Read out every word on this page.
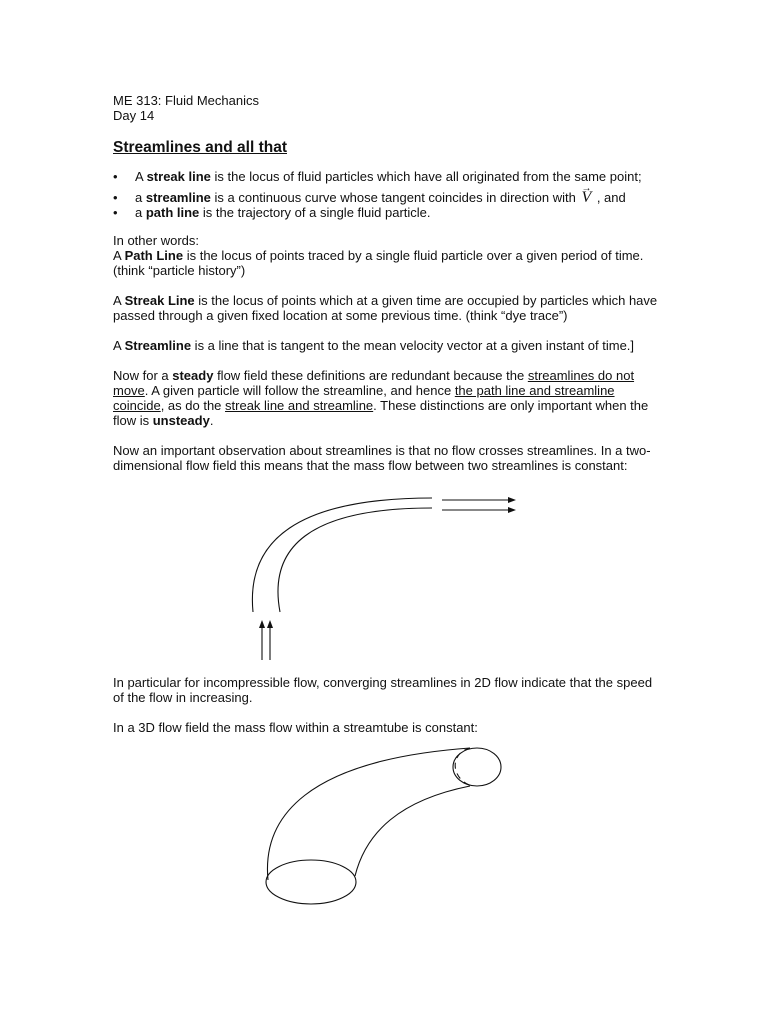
ME 313: Fluid Mechanics

Day 14

Streamlines and all that
• A streak line is the locus of fluid particles which have all originated from the same point;
• a streamline is a continuous curve whose tangent coincides in direction with → V , and
• a path line is the trajectory of a single fluid particle.

In other words:
A Path Line is the locus of points traced by a single fluid particle over a given period of time. (think “particle history”)

A Streak Line is the locus of points which at a given time are occupied by particles which have passed through a given fixed location at some previous time. (think “dye trace”)

A Streamline is a line that is tangent to the mean velocity vector at a given instant of time.]

Now for a steady flow field these definitions are redundant because the streamlines do not move. A given particle will follow the streamline, and hence the path line and streamline coincide, as do the streak line and streamline. These distinctions are only important when the flow is unsteady.

Now an important observation about streamlines is that no flow crosses streamlines. In a two-dimensional flow field this means that the mass flow between two streamlines is constant:

In particular for incompressible flow, converging streamlines in 2D flow indicate that the speed of the flow in increasing.

In a 3D flow field the mass flow within a streamtube is constant:
